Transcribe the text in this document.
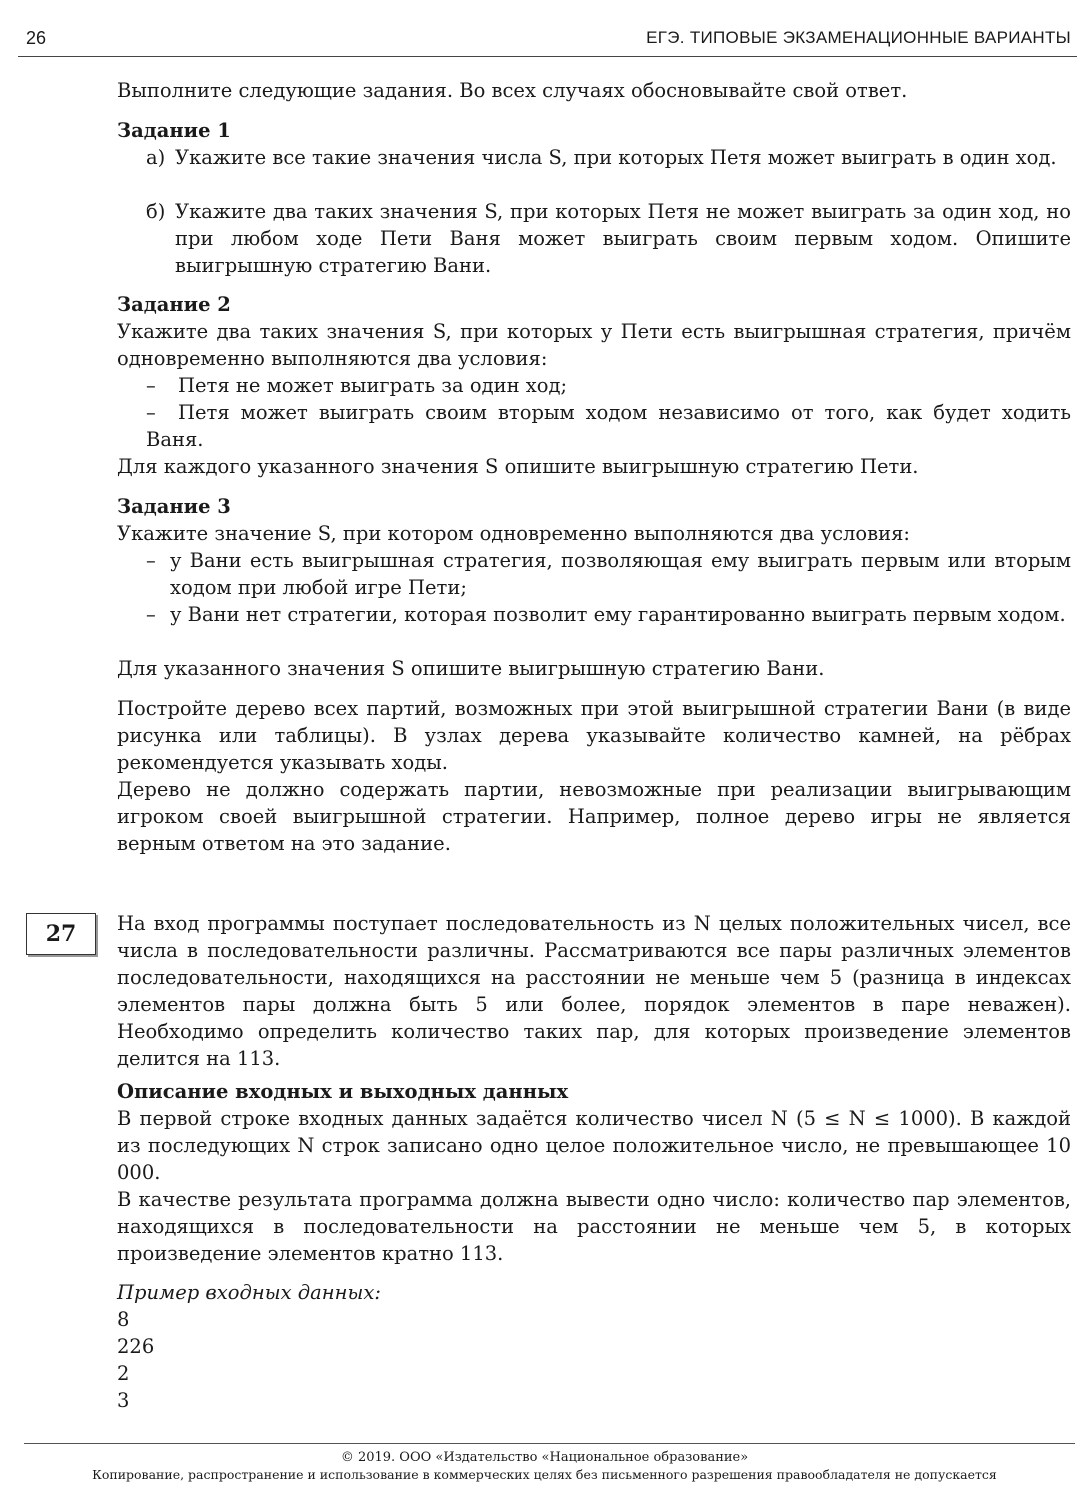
26	ЕГЭ. ТИПОВЫЕ ЭКЗАМЕНАЦИОННЫЕ ВАРИАНТЫ
Выполните следующие задания. Во всех случаях обосновывайте свой ответ.
Задание 1
а) Укажите все такие значения числа S, при которых Петя может выиграть в один ход.
б) Укажите два таких значения S, при которых Петя не может выиграть за один ход, но при любом ходе Пети Ваня может выиграть своим первым ходом. Опишите выигрышную стратегию Вани.
Задание 2
Укажите два таких значения S, при которых у Пети есть выигрышная стратегия, причём одновременно выполняются два условия:
– Петя не может выиграть за один ход;
–	Петя может выиграть своим вторым ходом независимо от того, как будет ходить Ваня.
Для каждого указанного значения S опишите выигрышную стратегию Пети.
Задание 3
Укажите значение S, при котором одновременно выполняются два условия:
– у Вани есть выигрышная стратегия, позволяющая ему выиграть первым или вторым ходом при любой игре Пети;
– у Вани нет стратегии, которая позволит ему гарантированно выиграть первым ходом.
Для указанного значения S опишите выигрышную стратегию Вани.
Постройте дерево всех партий, возможных при этой выигрышной стратегии Вани (в виде рисунка или таблицы). В узлах дерева указывайте количество камней, на рёбрах рекомендуется указывать ходы.
Дерево не должно содержать партии, невозможные при реализации выигрывающим игроком своей выигрышной стратегии. Например, полное дерево игры не является верным ответом на это задание.
27	На вход программы поступает последовательность из N целых положительных чисел, все числа в последовательности различны. Рассматриваются все пары различных элементов последовательности, находящихся на расстоянии не меньше чем 5 (разница в индексах элементов пары должна быть 5 или более, порядок элементов в паре неважен). Необходимо определить количество таких пар, для которых произведение элементов делится на 113.
Описание входных и выходных данных
В первой строке входных данных задаётся количество чисел N (5 ≤ N ≤ 1000). В каждой из последующих N строк записано одно целое положительное число, не превышающее 10 000.
В качестве результата программа должна вывести одно число: количество пар элементов, находящихся в последовательности на расстоянии не меньше чем 5, в которых произведение элементов кратно 113.
Пример входных данных:
8
226
2
3
© 2019. ООО «Издательство «Национальное образование»
Копирование, распространение и использование в коммерческих целях без письменного разрешения правообладателя не допускается
